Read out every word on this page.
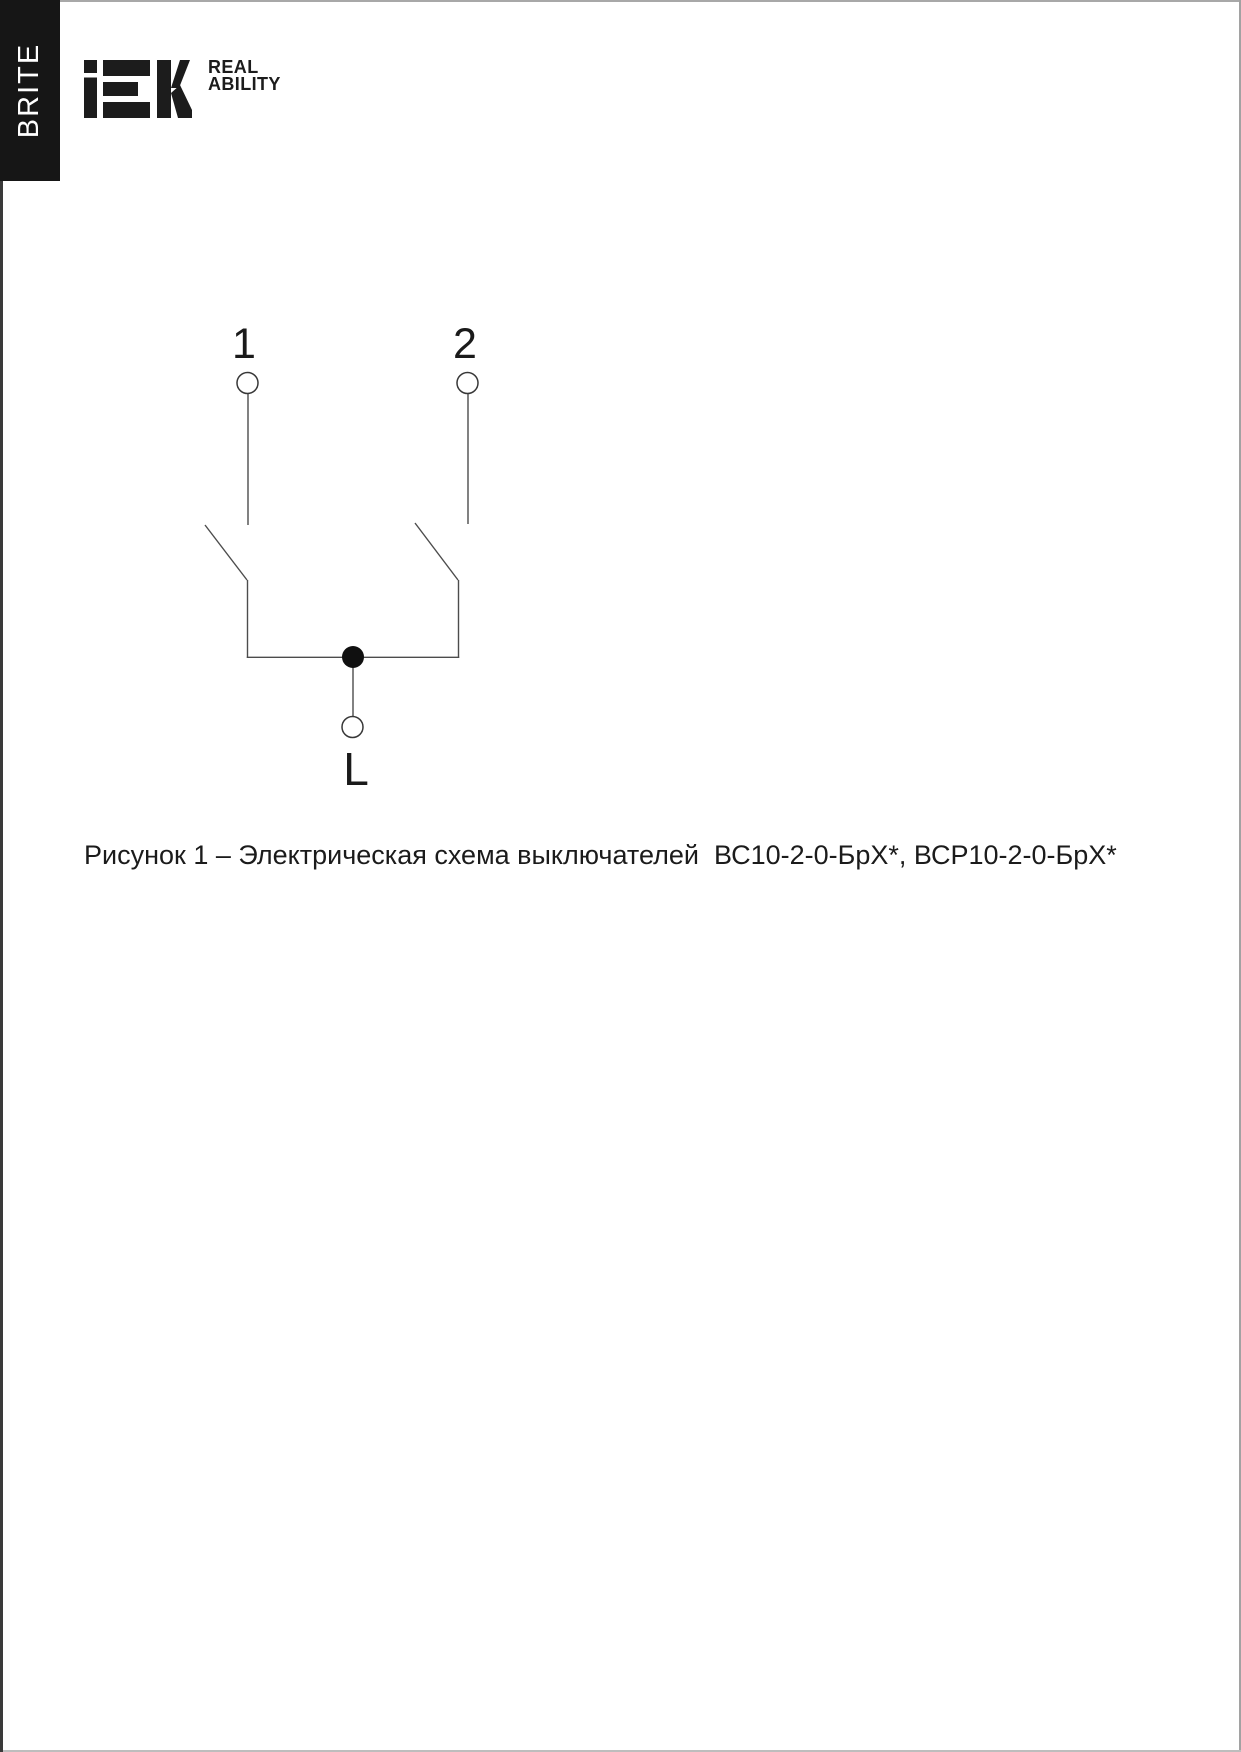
BRITE	REAL
ABILITY
1	2
L
Рисунок 1 – Электрическая схема выключателей  ВС10-2-0-БрХ*, ВСР10-2-0-БрХ*
